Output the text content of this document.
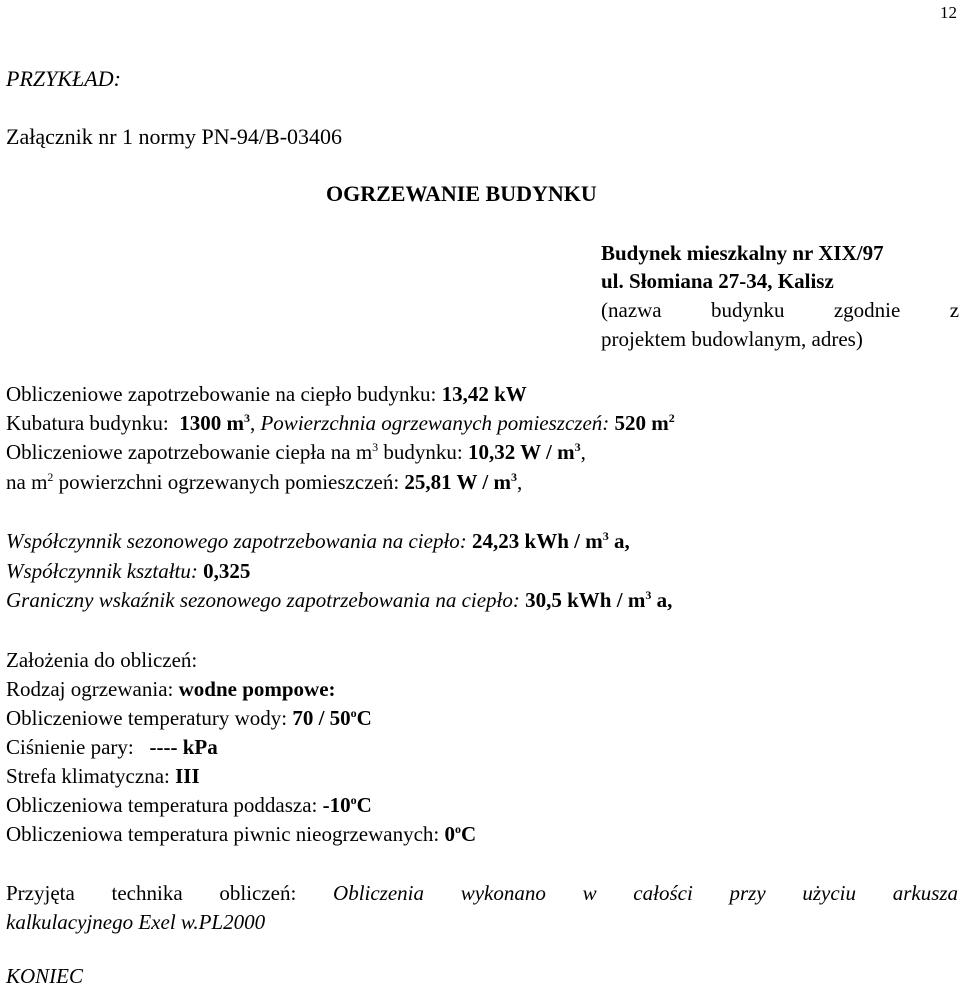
12
PRZYKŁAD:
Załącznik nr 1 normy PN-94/B-03406
OGRZEWANIE BUDYNKU
Budynek mieszkalny nr XIX/97
ul. Słomiana 27-34, Kalisz
(nazwa budynku zgodnie z
projektem budowlanym, adres)
Obliczeniowe zapotrzebowanie na ciepło budynku: 13,42 kW
Kubatura budynku: 1300 $m^3$, Powierzchnia ogrzewanych pomieszczeń: 520 $m^2$
Obliczeniowe zapotrzebowanie ciepła na $m^3$ budynku: 10,32 W / $m^3$,
na $m^2$ powierzchni ogrzewanych pomieszczeń: 25,81 W / $m^3$,
Współczynnik sezonowego zapotrzebowania na ciepło: 24,23 kWh / $m^3$ a,
Współczynnik kształtu: 0,325
Graniczny wskaźnik sezonowego zapotrzebowania na ciepło: 30,5 kWh / $m^3$ a,
Założenia do obliczeń:
Rodzaj ogrzewania: wodne pompowe:
Obliczeniowe temperatury wody: 70 / 50$^o$C
Ciśnienie pary: ---- kPa
Strefa klimatyczna: III
Obliczeniowa temperatura poddasza: -10$^o$C
Obliczeniowa temperatura piwnic nieogrzewanych: 0$^o$C
Przyjęta technika obliczeń: Obliczenia wykonano w całości przy użyciu arkusza
kalkulacyjnego Exel w.PL2000
KONIEC
